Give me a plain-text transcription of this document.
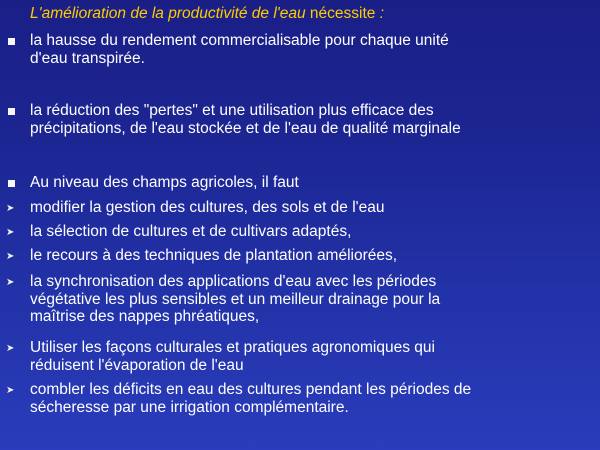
L'amélioration de la productivité de l'eau nécessite :
la hausse du rendement commercialisable pour chaque unité
d'eau transpirée.
la réduction des "pertes" et une utilisation plus efficace des
précipitations, de l'eau stockée et de l'eau de qualité marginale
Au niveau des champs agricoles, il faut
➤ modifier la gestion des cultures, des sols et de l'eau
➤ la sélection de cultures et de cultivars adaptés,
➤ le recours à des techniques de plantation améliorées,
➤ la synchronisation des applications d'eau avec les périodes
végétative les plus sensibles et un meilleur drainage pour la
maîtrise des nappes phréatiques,
➤ Utiliser les façons culturales et pratiques agronomiques qui
réduisent l'évaporation de l'eau
➤ combler les déficits en eau des cultures pendant les périodes de
sécheresse par une irrigation complémentaire.
